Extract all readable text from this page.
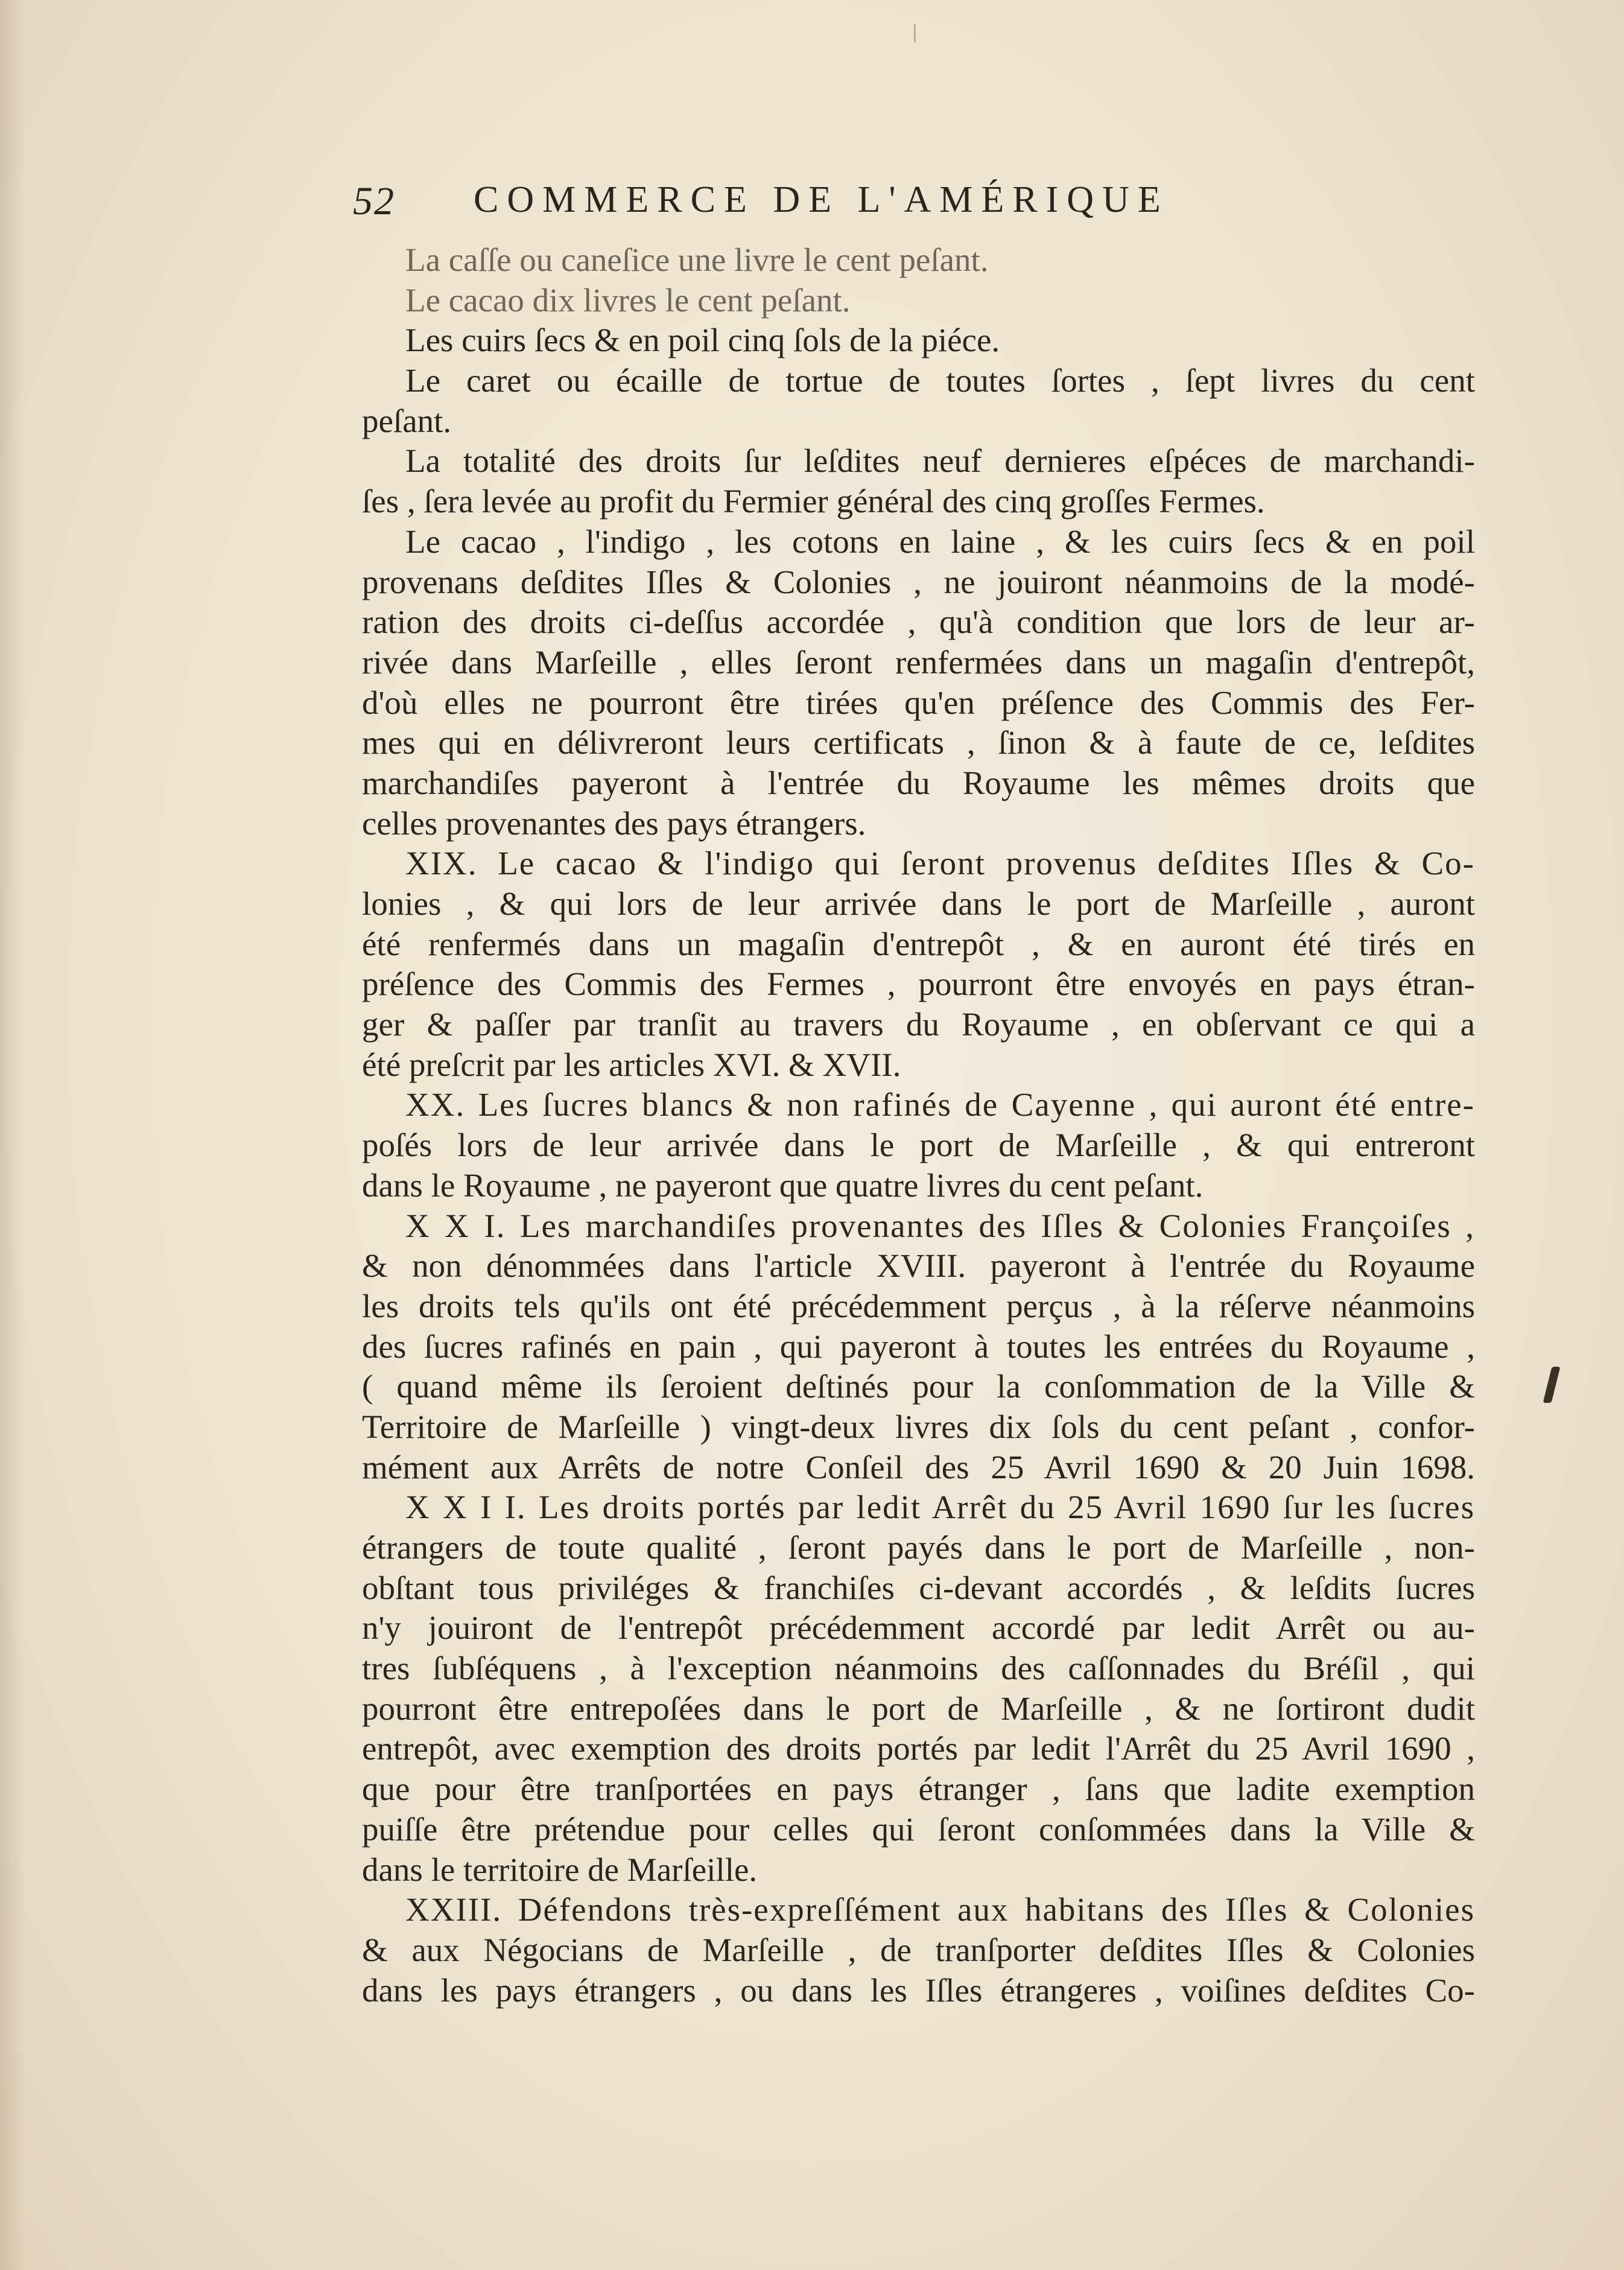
52 COMMERCE DE L'AMÉRIQUE
La caſſe ou caneſice une livre le cent peſant.
Le cacao dix livres le cent peſant.
Les cuirs ſecs & en poil cinq ſols de la piéce.
Le caret ou écaille de tortue de toutes ſortes , ſept livres du cent
peſant.
La totalité des droits ſur leſdites neuf dernieres eſpéces de marchandi-
ſes , ſera levée au profit du Fermier général des cinq groſſes Fermes.
Le cacao , l'indigo , les cotons en laine , & les cuirs ſecs & en poil
provenans deſdites Iſles & Colonies , ne jouiront néanmoins de la modé-
ration des droits ci-deſſus accordée , qu'à condition que lors de leur ar-
rivée dans Marſeille , elles ſeront renfermées dans un magaſin d'entrepôt,
d'où elles ne pourront être tirées qu'en préſence des Commis des Fer-
mes qui en délivreront leurs certificats , ſinon & à faute de ce, leſdites
marchandiſes payeront à l'entrée du Royaume les mêmes droits que
celles provenantes des pays étrangers.
XIX. Le cacao & l'indigo qui ſeront provenus deſdites Iſles & Co-
lonies , & qui lors de leur arrivée dans le port de Marſeille , auront
été renfermés dans un magaſin d'entrepôt , & en auront été tirés en
préſence des Commis des Fermes , pourront être envoyés en pays étran-
ger & paſſer par tranſit au travers du Royaume , en obſervant ce qui a
été preſcrit par les articles XVI. & XVII.
XX. Les ſucres blancs & non rafinés de Cayenne , qui auront été entre-
poſés lors de leur arrivée dans le port de Marſeille , & qui entreront
dans le Royaume , ne payeront que quatre livres du cent peſant.
X X I. Les marchandiſes provenantes des Iſles & Colonies Françoiſes ,
& non dénommées dans l'article XVIII. payeront à l'entrée du Royaume
les droits tels qu'ils ont été précédemment perçus , à la réſerve néanmoins
des ſucres rafinés en pain , qui payeront à toutes les entrées du Royaume ,
( quand même ils ſeroient deſtinés pour la conſommation de la Ville &
Territoire de Marſeille ) vingt-deux livres dix ſols du cent peſant , confor-
mément aux Arrêts de notre Conſeil des 25 Avril 1690 & 20 Juin 1698.
X X I I. Les droits portés par ledit Arrêt du 25 Avril 1690 ſur les ſucres
étrangers de toute qualité , ſeront payés dans le port de Marſeille , non-
obſtant tous priviléges & franchiſes ci-devant accordés , & leſdits ſucres
n'y jouiront de l'entrepôt précédemment accordé par ledit Arrêt ou au-
tres ſubſéquens , à l'exception néanmoins des caſſonnades du Bréſil , qui
pourront être entrepoſées dans le port de Marſeille , & ne ſortiront dudit
entrepôt, avec exemption des droits portés par ledit l'Arrêt du 25 Avril 1690 ,
que pour être tranſportées en pays étranger , ſans que ladite exemption
puiſſe être prétendue pour celles qui ſeront conſommées dans la Ville &
dans le territoire de Marſeille.
XXIII. Défendons très-expreſſément aux habitans des Iſles & Colonies
& aux Négocians de Marſeille , de tranſporter deſdites Iſles & Colonies
dans les pays étrangers , ou dans les Iſles étrangeres , voiſines deſdites Co-
